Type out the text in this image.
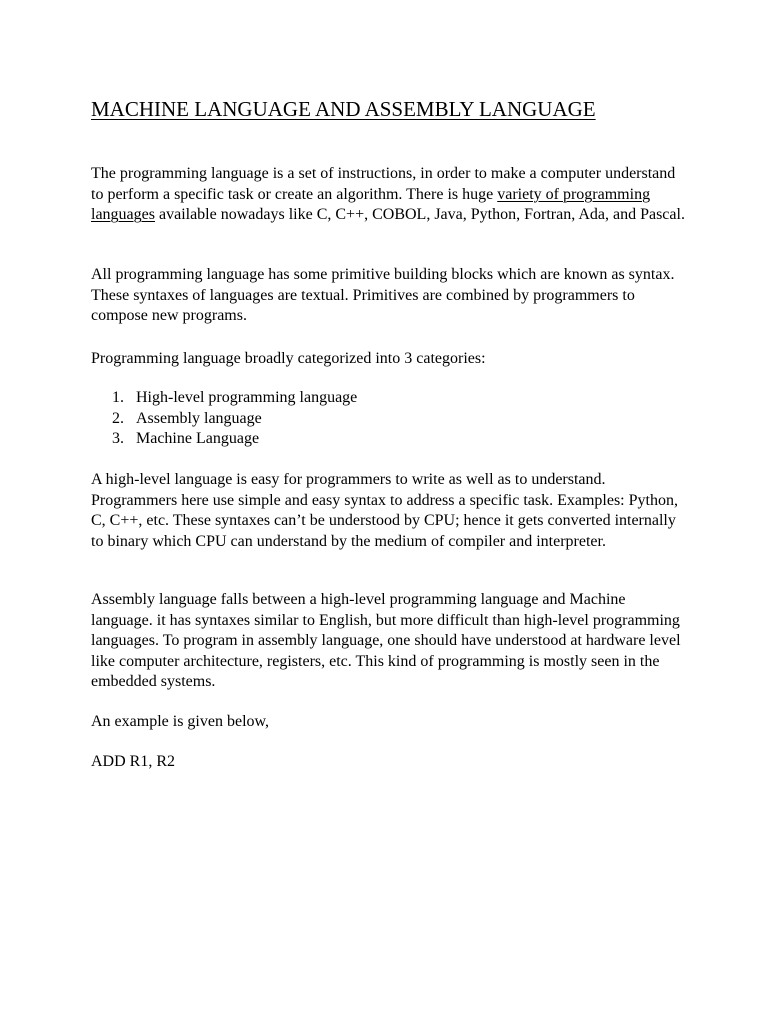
MACHINE LANGUAGE AND ASSEMBLY LANGUAGE

The programming language is a set of instructions, in order to make a computer understand to perform a specific task or create an algorithm. There is huge variety of programming languages available nowadays like C, C++, COBOL, Java, Python, Fortran, Ada, and Pascal.

All programming language has some primitive building blocks which are known as syntax. These syntaxes of languages are textual. Primitives are combined by programmers to compose new programs.

Programming language broadly categorized into 3 categories:

1. High-level programming language
2. Assembly language
3. Machine Language

A high-level language is easy for programmers to write as well as to understand. Programmers here use simple and easy syntax to address a specific task. Examples: Python, C, C++, etc. These syntaxes can’t be understood by CPU; hence it gets converted internally to binary which CPU can understand by the medium of compiler and interpreter.

Assembly language falls between a high-level programming language and Machine language. it has syntaxes similar to English, but more difficult than high-level programming languages. To program in assembly language, one should have understood at hardware level like computer architecture, registers, etc. This kind of programming is mostly seen in the embedded systems.

An example is given below,

ADD R1, R2
